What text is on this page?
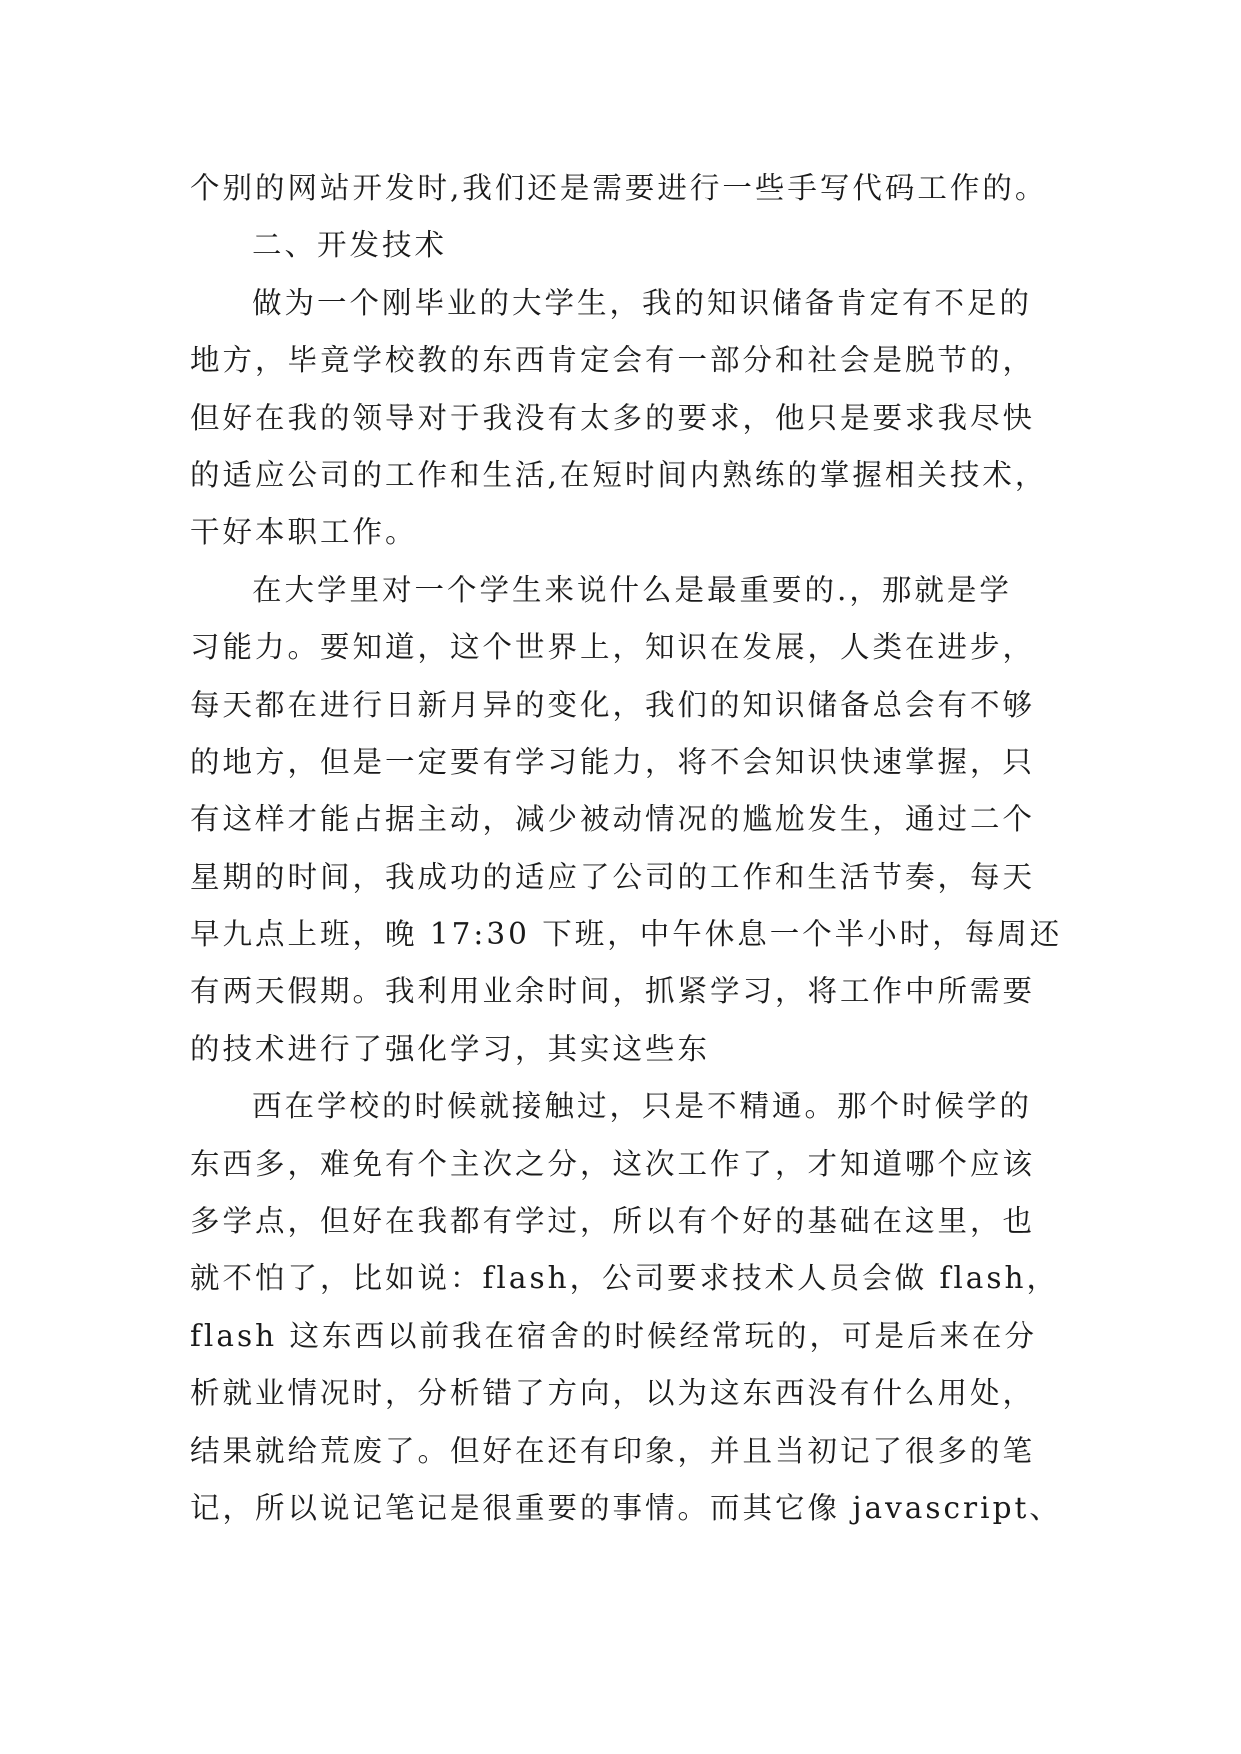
个别的网站开发时,我们还是需要进行一些手写代码工作的。
二、开发技术
做为一个刚毕业的大学生，我的知识储备肯定有不足的
地方，毕竟学校教的东西肯定会有一部分和社会是脱节的，
但好在我的领导对于我没有太多的要求，他只是要求我尽快
的适应公司的工作和生活,在短时间内熟练的掌握相关技术，
干好本职工作。
在大学里对一个学生来说什么是最重要的.，那就是学
习能力。要知道，这个世界上，知识在发展，人类在进步，
每天都在进行日新月异的变化，我们的知识储备总会有不够
的地方，但是一定要有学习能力，将不会知识快速掌握，只
有这样才能占据主动，减少被动情况的尴尬发生，通过二个
星期的时间，我成功的适应了公司的工作和生活节奏，每天
早九点上班，晚 17:30 下班，中午休息一个半小时，每周还
有两天假期。我利用业余时间，抓紧学习，将工作中所需要
的技术进行了强化学习，其实这些东
西在学校的时候就接触过，只是不精通。那个时候学的
东西多，难免有个主次之分，这次工作了，才知道哪个应该
多学点，但好在我都有学过，所以有个好的基础在这里，也
就不怕了，比如说：flash，公司要求技术人员会做 flash，
flash 这东西以前我在宿舍的时候经常玩的，可是后来在分
析就业情况时，分析错了方向，以为这东西没有什么用处，
结果就给荒废了。但好在还有印象，并且当初记了很多的笔
记，所以说记笔记是很重要的事情。而其它像 javascript、
